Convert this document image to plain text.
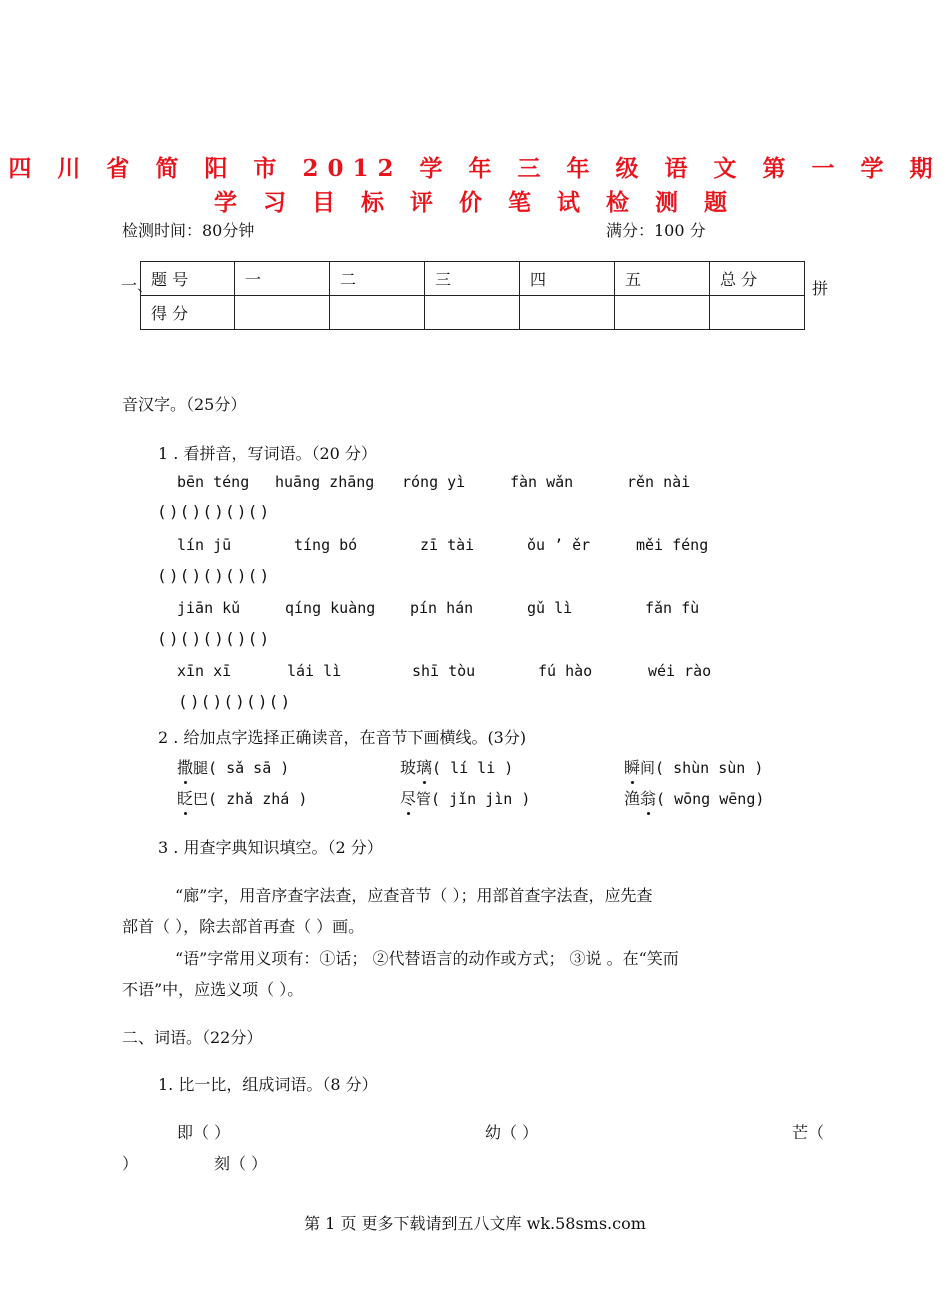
四 川 省 简 阳 市 2012 学 年 三 年 级 语 文 第 一 学 期
学 习 目 标 评 价 笔 试 检 测 题
检测时间：80分钟	满分：100 分
一、
题 号	一	二	三	四	五	总 分
得 分						
拼
音汉字。（25分）
1 . 看拼音，写词语。（20 分）
bēn téng huāng zhāng róng yì	fàn wǎn	rěn nài
( ) ( ) ( ) ( ) ( )
lín jū	tíng bó	zī tài	ǒu ’ ěr	měi féng
( ) ( ) ( ) ( ) ( )
jiān kǔ	qíng kuàng pín hán	gǔ lì	fǎn fù
( ) ( ) ( ) ( ) ( )
xīn xī	lái lì	shī tòu	fú hào	wéi rào
( ) ( ) ( ) ( ) ( )
2 . 给加点字选择正确读音，在音节下画横线。(3分)
撒腿( sǎ sā )	玻璃( lí li )	瞬间( shùn sùn )
眨巴( zhǎ zhá )	尽管( jǐn jìn )	渔翁( wōng wēng)
3 . 用查字典知识填空。（2 分）
“廊”字，用音序查字法查，应查音节（ ）；用部首查字法查，应先查
部首（ ），除去部首再查（ ）画。
“语”字常用义项有：①话； ②代替语言的动作或方式； ③说 。在“笑而
不语”中，应选义项（ ）。
二、词语。（22分）
1. 比一比，组成词语。（8 分）
即（ ）	幼（ ）	芒（
）	刻（ ）
第 1 页 更多下载请到五八文库 wk.58sms.com
